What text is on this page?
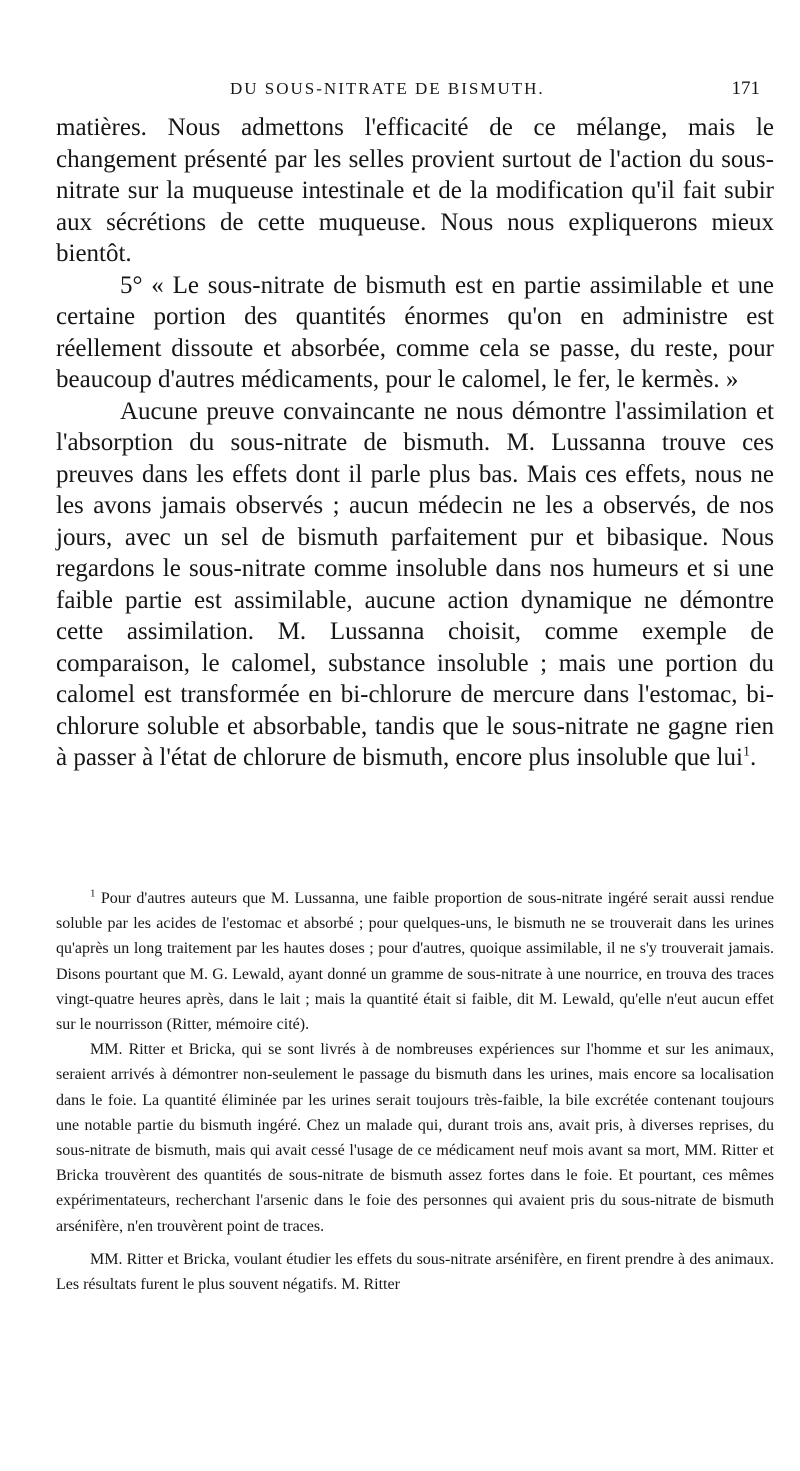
DU SOUS-NITRATE DE BISMUTH.	171

matières. Nous admettons l'efficacité de ce mélange, mais le changement présenté par les selles provient surtout de l'action du sous-nitrate sur la muqueuse intestinale et de la modification qu'il fait subir aux sécrétions de cette muqueuse. Nous nous expliquerons mieux bientôt.

5° « Le sous-nitrate de bismuth est en partie assimilable et une certaine portion des quantités énormes qu'on en administre est réellement dissoute et absorbée, comme cela se passe, du reste, pour beaucoup d'autres médicaments, pour le calomel, le fer, le kermès. »

Aucune preuve convaincante ne nous démontre l'assimilation et l'absorption du sous-nitrate de bismuth. M. Lussanna trouve ces preuves dans les effets dont il parle plus bas. Mais ces effets, nous ne les avons jamais observés ; aucun médecin ne les a observés, de nos jours, avec un sel de bismuth parfaitement pur et bibasique. Nous regardons le sous-nitrate comme insoluble dans nos humeurs et si une faible partie est assimilable, aucune action dynamique ne démontre cette assimilation. M. Lussanna choisit, comme exemple de comparaison, le calomel, substance insoluble ; mais une portion du calomel est transformée en bi-chlorure de mercure dans l'estomac, bi-chlorure soluble et absorbable, tandis que le sous-nitrate ne gagne rien à passer à l'état de chlorure de bismuth, encore plus insoluble que lui$^1$.

$^1$ Pour d'autres auteurs que M. Lussanna, une faible proportion de sous-nitrate ingéré serait aussi rendue soluble par les acides de l'estomac et absorbé ; pour quelques-uns, le bismuth ne se trouverait dans les urines qu'après un long traitement par les hautes doses ; pour d'autres, quoique assimilable, il ne s'y trouverait jamais. Disons pourtant que M. G. Lewald, ayant donné un gramme de sous-nitrate à une nourrice, en trouva des traces vingt-quatre heures après, dans le lait ; mais la quantité était si faible, dit M. Lewald, qu'elle n'eut aucun effet sur le nourrisson (Ritter, mémoire cité).

MM. Ritter et Bricka, qui se sont livrés à de nombreuses expériences sur l'homme et sur les animaux, seraient arrivés à démontrer non-seulement le passage du bismuth dans les urines, mais encore sa localisation dans le foie. La quantité éliminée par les urines serait toujours très-faible, la bile excrétée contenant toujours une notable partie du bismuth ingéré. Chez un malade qui, durant trois ans, avait pris, à diverses reprises, du sous-nitrate de bismuth, mais qui avait cessé l'usage de ce médicament neuf mois avant sa mort, MM. Ritter et Bricka trouvèrent des quantités de sous-nitrate de bismuth assez fortes dans le foie. Et pourtant, ces mêmes expérimentateurs, recherchant l'arsenic dans le foie des personnes qui avaient pris du sous-nitrate de bismuth arsénifère, n'en trouvèrent point de traces.

MM. Ritter et Bricka, voulant étudier les effets du sous-nitrate arsénifère, en firent prendre à des animaux. Les résultats furent le plus souvent négatifs. M. Ritter
